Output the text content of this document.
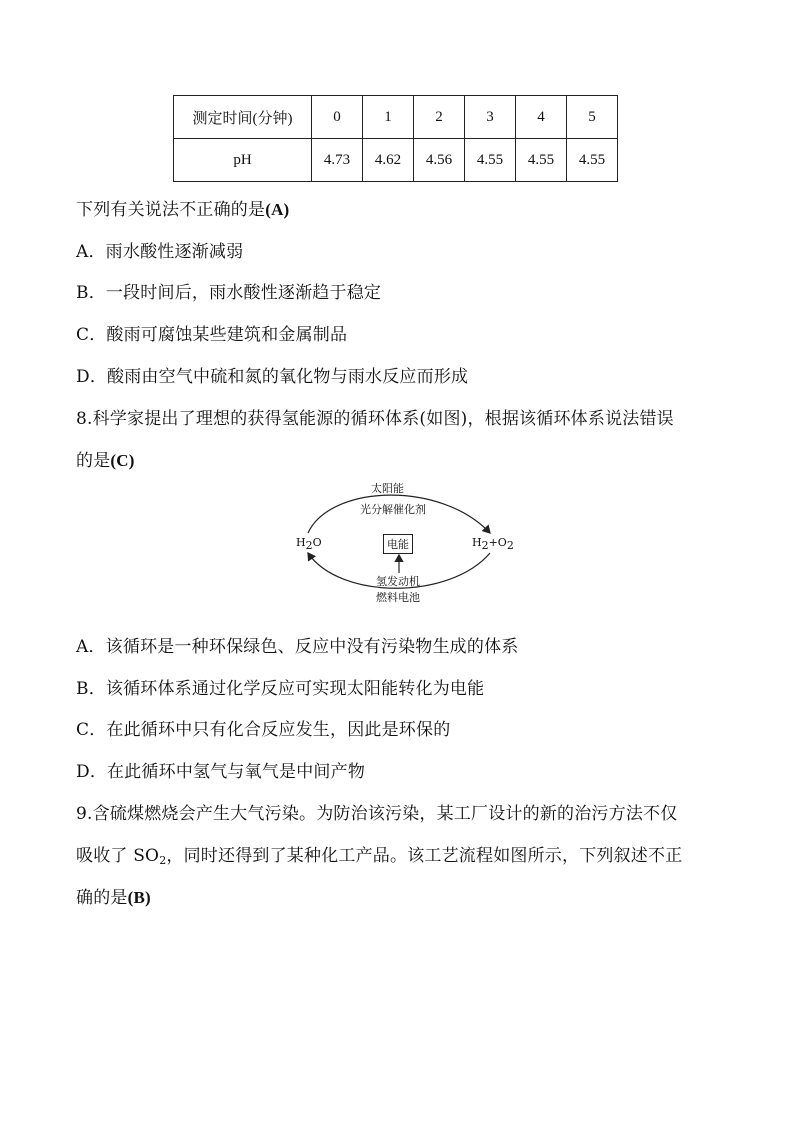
测定时间(分钟)	0	1	2	3	4	5
pH	4.73	4.62	4.56	4.55	4.55	4.55
下列有关说法不正确的是(A)
A．雨水酸性逐渐减弱
B．一段时间后，雨水酸性逐渐趋于稳定
C．酸雨可腐蚀某些建筑和金属制品
D．酸雨由空气中硫和氮的氧化物与雨水反应而形成
8.科学家提出了理想的获得氢能源的循环体系(如图)，根据该循环体系说法错误
的是(C)
太阳能
光分解催化剂
$H_2O$	电能	$H_2+O_2$
氢发动机
燃料电池
A．该循环是一种环保绿色、反应中没有污染物生成的体系
B．该循环体系通过化学反应可实现太阳能转化为电能
C．在此循环中只有化合反应发生，因此是环保的
D．在此循环中氢气与氧气是中间产物
9.含硫煤燃烧会产生大气污染。为防治该污染，某工厂设计的新的治污方法不仅
吸收了 $SO_2$，同时还得到了某种化工产品。该工艺流程如图所示，下列叙述不正
确的是(B)
